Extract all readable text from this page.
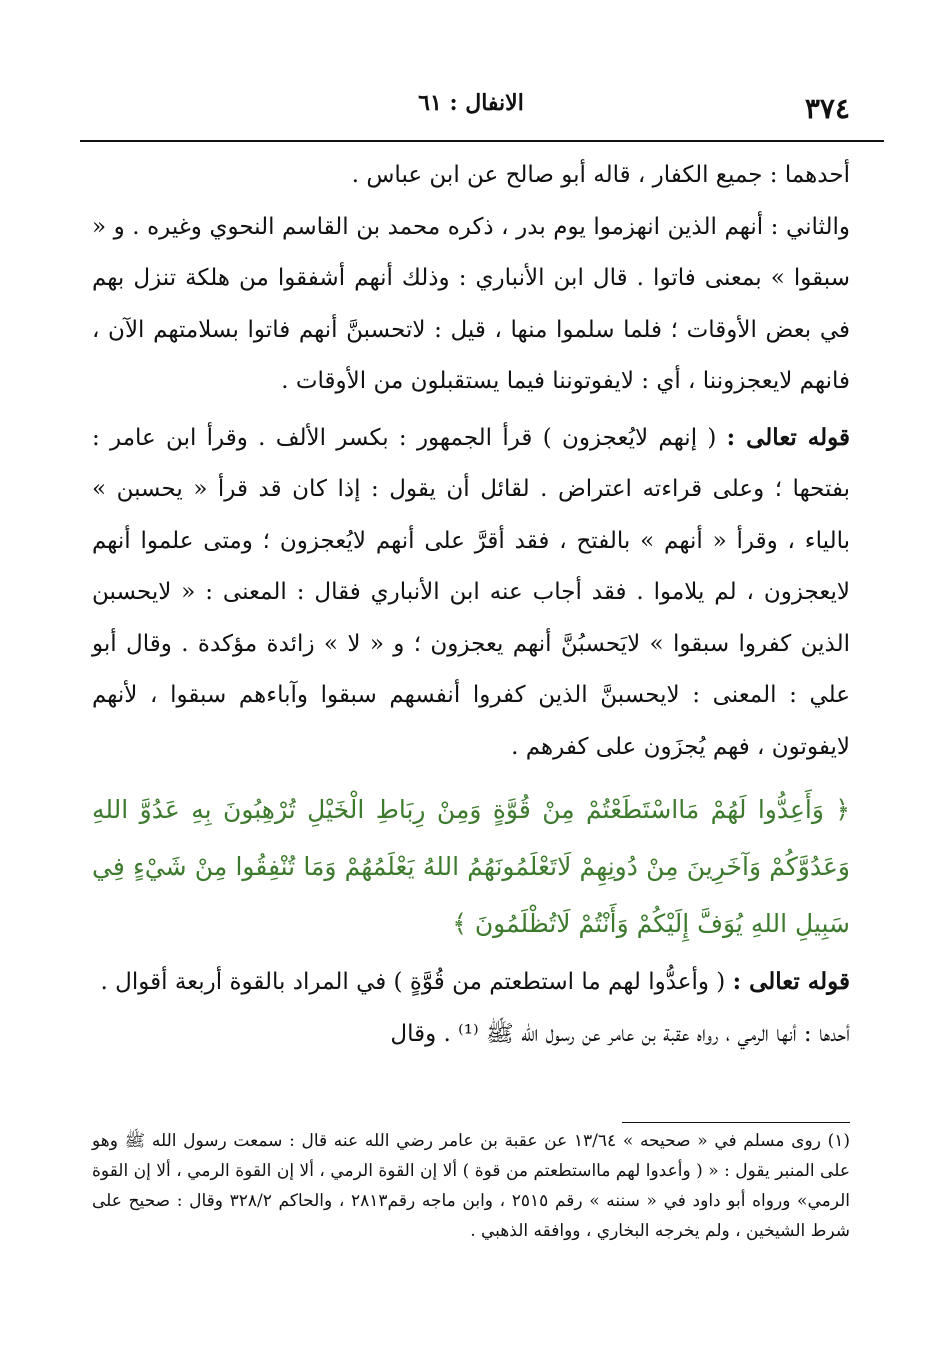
٣٧٤
الانفال : ٦١

أحدهما : جميع الكفار ، قاله أبو صالح عن ابن عباس .

والثاني : أنهم الذين انهزموا يوم بدر ، ذكره محمد بن القاسم النحوي وغيره . و « سبقوا » بمعنى فاتوا . قال ابن الأنباري : وذلك أنهم أشفقوا من هلكة تنزل بهم في بعض الأوقات ؛ فلما سلموا منها ، قيل : لاتحسبنَّ أنهم فاتوا بسلامتهم الآن ، فانهم لايعجزوننا ، أي : لايفوتوننا فيما يستقبلون من الأوقات .

قوله تعالى : ( إنهم لايُعجزون ) قرأ الجمهور : بكسر الألف . وقرأ ابن عامر : بفتحها ؛ وعلى قراءته اعتراض . لقائل أن يقول : إذا كان قد قرأ « يحسبن » بالياء ، وقرأ « أنهم » بالفتح ، فقد أقرَّ على أنهم لايُعجزون ؛ ومتى علموا أنهم لايعجزون ، لم يلاموا . فقد أجاب عنه ابن الأنباري فقال : المعنى : « لايحسبن الذين كفروا سبقوا » لايَحسبُنَّ أنهم يعجزون ؛ و « لا » زائدة مؤكدة . وقال أبو علي : المعنى : لايحسبنَّ الذين كفروا أنفسهم سبقوا وآباءهم سبقوا ، لأنهم لايفوتون ، فهم يُجزَون على كفرهم .

﴿ وَأَعِدُّوا لَهُمْ مَااسْتَطَعْتُمْ مِنْ قُوَّةٍ وَمِنْ رِبَاطِ الْخَيْلِ تُرْهِبُونَ بِهِ عَدُوَّ اللهِ وَعَدُوَّكُمْ وَآخَرِينَ مِنْ دُونِهِمْ لَاتَعْلَمُونَهُمُ اللهُ يَعْلَمُهُمْ وَمَا تُنْفِقُوا مِنْ شَيْءٍ فِي سَبِيلِ اللهِ يُوَفَّ إِلَيْكُمْ وَأَنْتُمْ لَاتُظْلَمُونَ ﴾

قوله تعالى : ( وأعدُّوا لهم ما استطعتم من قُوَّةٍ ) في المراد بالقوة أربعة أقوال .

أحدها : أنها الرمي ، رواه عقبة بن عامر عن رسول الله ﷺ ⁽¹⁾ . وقال

(١) روى مسلم في « صحيحه » ١٣/٦٤ عن عقبة بن عامر رضي الله عنه قال : سمعت رسول الله ﷺ وهو على المنبر يقول : « ( وأعدوا لهم مااستطعتم من قوة ) ألا إن القوة الرمي ، ألا إن القوة الرمي ، ألا إن القوة الرمي» ورواه أبو داود في « سننه » رقم ٢٥١٥ ، وابن ماجه رقم٢٨١٣ ، والحاكم ٣٢٨/٢ وقال : صحيح على شرط الشيخين ، ولم يخرجه البخاري ، ووافقه الذهبي .
